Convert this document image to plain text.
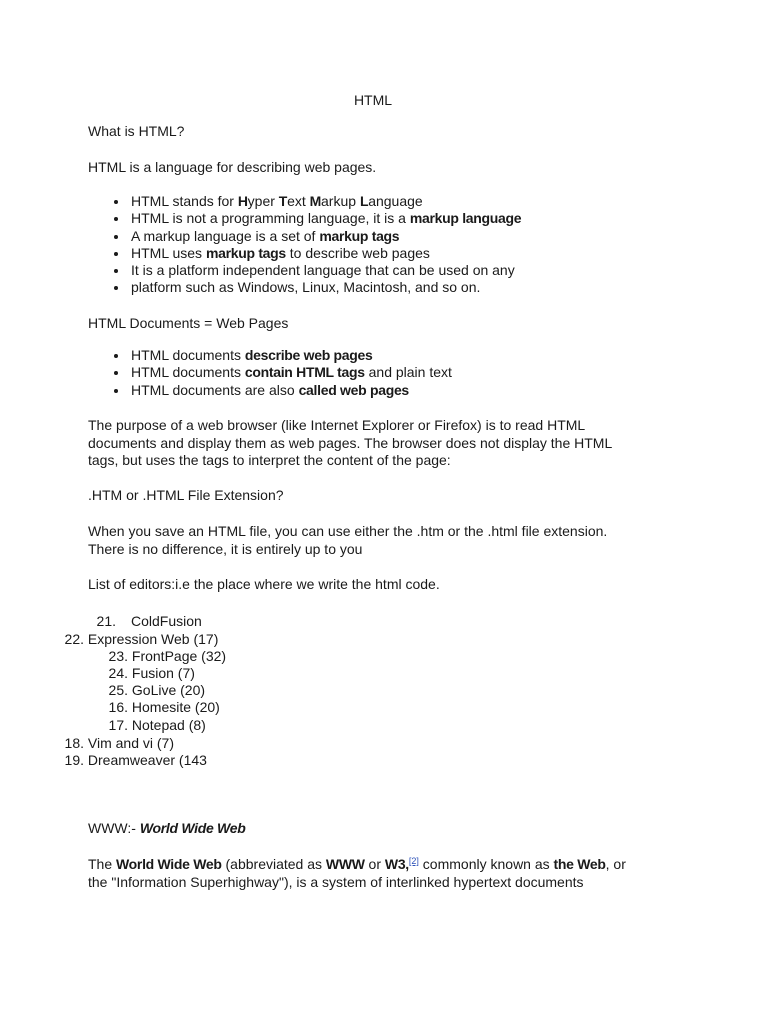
HTML

What is HTML?

HTML is a language for describing web pages.

HTML stands for Hyper Text Markup Language
HTML is not a programming language, it is a markup language
A markup language is a set of markup tags
HTML uses markup tags to describe web pages
It is a platform independent language that can be used on any
platform such as Windows, Linux, Macintosh, and so on.

HTML Documents = Web Pages

HTML documents describe web pages
HTML documents contain HTML tags and plain text
HTML documents are also called web pages
The purpose of a web browser (like Internet Explorer or Firefox) is to read HTML
documents and display them as web pages. The browser does not display the HTML
tags, but uses the tags to interpret the content of the page:

.HTM or .HTML File Extension?

When you save an HTML file, you can use either the .htm or the .html file extension.
There is no difference, it is entirely up to you

List of editors:i.e the place where we write the html code.

21. ColdFusion
22. Expression Web (17)
23. FrontPage (32)
24. Fusion (7)
25. GoLive (20)
16. Homesite (20)
17. Notepad (8)
18. Vim and vi (7)
19. Dreamweaver (143

WWW:- World Wide Web

The World Wide Web (abbreviated as WWW or W3,[2] commonly known as the Web, or
the "Information Superhighway"), is a system of interlinked hypertext documents
